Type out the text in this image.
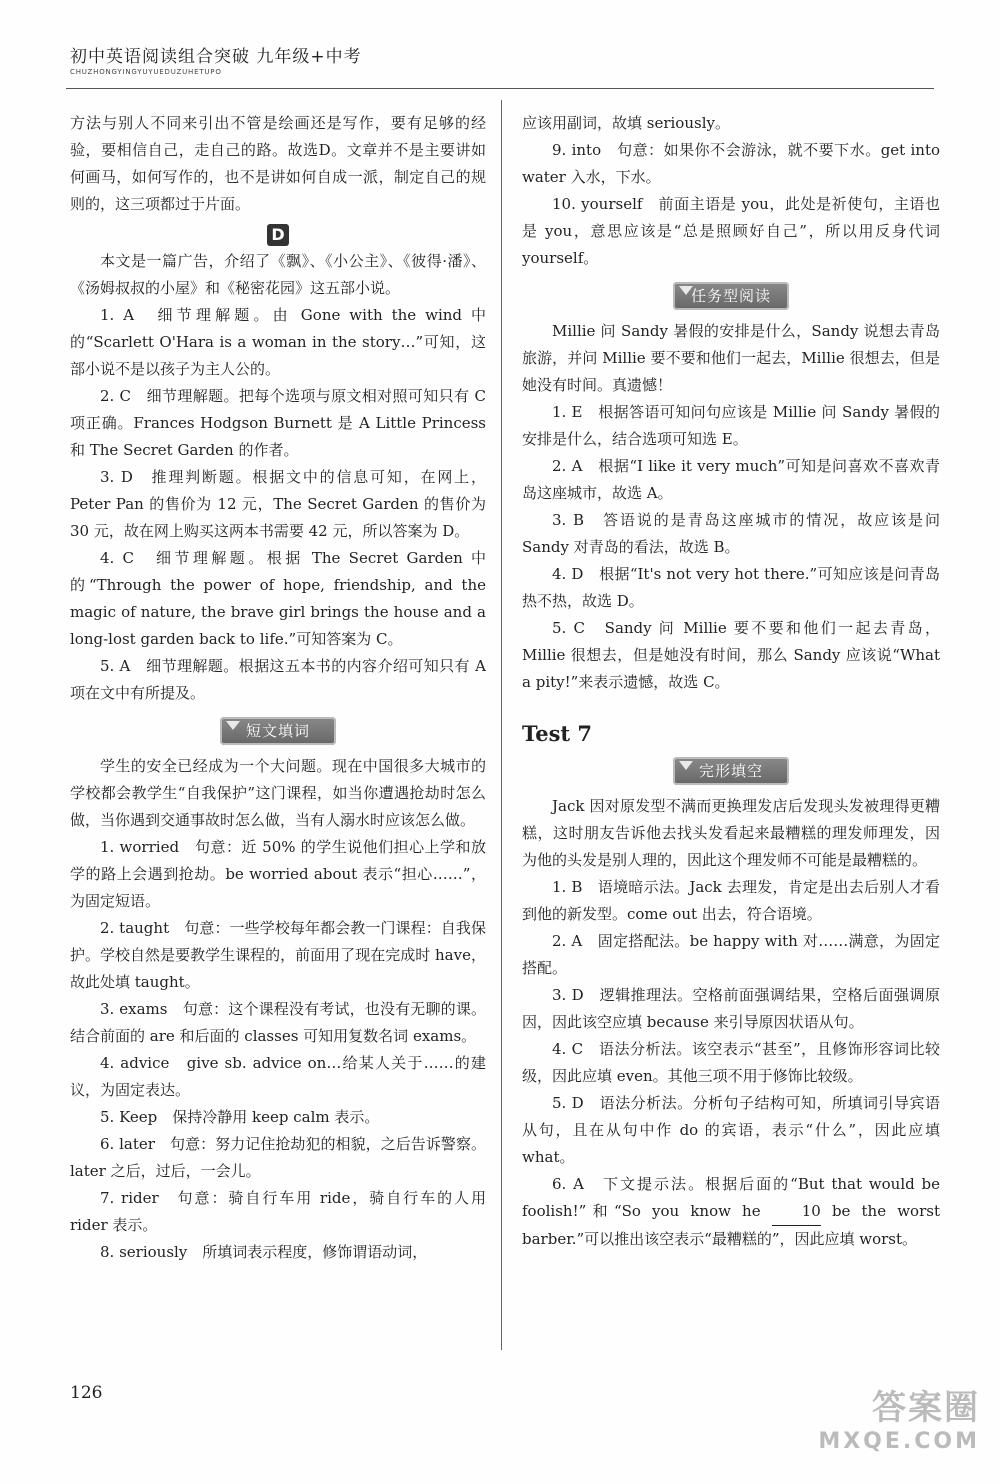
初中英语阅读组合突破 九年级+中考
CHUZHONGYINGYUYUEDUZUHETUPO

方法与别人不同来引出不管是绘画还是写作，要有足够的经验，要相信自己，走自己的路。故选D。文章并不是主要讲如何画马，如何写作的，也不是讲如何自成一派，制定自己的规则的，这三项都过于片面。

D

本文是一篇广告，介绍了《飘》、《小公主》、《彼得·潘》、《汤姆叔叔的小屋》和《秘密花园》这五部小说。

1. A　细节理解题。由 Gone with the wind 中的“Scarlett O'Hara is a woman in the story…”可知，这部小说不是以孩子为主人公的。

2. C　细节理解题。把每个选项与原文相对照可知只有 C 项正确。Frances Hodgson Burnett 是 A Little Princess 和 The Secret Garden 的作者。

3. D　推理判断题。根据文中的信息可知，在网上，Peter Pan 的售价为 12 元，The Secret Garden 的售价为 30 元，故在网上购买这两本书需要 42 元，所以答案为 D。

4. C　细节理解题。根据 The Secret Garden 中的“Through the power of hope, friendship, and the magic of nature, the brave girl brings the house and a long-lost garden back to life.”可知答案为 C。

5. A　细节理解题。根据这五本书的内容介绍可知只有 A 项在文中有所提及。

短文填词

学生的安全已经成为一个大问题。现在中国很多大城市的学校都会教学生“自我保护”这门课程，如当你遭遇抢劫时怎么做，当你遇到交通事故时怎么做，当有人溺水时应该怎么做。

1. worried　句意：近 50% 的学生说他们担心上学和放学的路上会遇到抢劫。be worried about 表示“担心……”，为固定短语。

2. taught　句意：一些学校每年都会教一门课程：自我保护。学校自然是要教学生课程的，前面用了现在完成时 have，故此处填 taught。

3. exams　句意：这个课程没有考试，也没有无聊的课。结合前面的 are 和后面的 classes 可知用复数名词 exams。

4. advice　give sb. advice on…给某人关于……的建议，为固定表达。

5. Keep　保持冷静用 keep calm 表示。

6. later　句意：努力记住抢劫犯的相貌，之后告诉警察。later 之后，过后，一会儿。

7. rider　句意：骑自行车用 ride，骑自行车的人用 rider 表示。

8. seriously　所填词表示程度，修饰谓语动词，

应该用副词，故填 seriously。

9. into　句意：如果你不会游泳，就不要下水。get into water 入水，下水。

10. yourself　前面主语是 you，此处是祈使句，主语也是 you，意思应该是“总是照顾好自己”，所以用反身代词 yourself。

任务型阅读

Millie 问 Sandy 暑假的安排是什么，Sandy 说想去青岛旅游，并问 Millie 要不要和他们一起去，Millie 很想去，但是她没有时间。真遗憾！

1. E　根据答语可知问句应该是 Millie 问 Sandy 暑假的安排是什么，结合选项可知选 E。

2. A　根据“I like it very much”可知是问喜欢不喜欢青岛这座城市，故选 A。

3. B　答语说的是青岛这座城市的情况，故应该是问 Sandy 对青岛的看法，故选 B。

4. D　根据“It's not very hot there.”可知应该是问青岛热不热，故选 D。

5. C　Sandy 问 Millie 要不要和他们一起去青岛，Millie 很想去，但是她没有时间，那么 Sandy 应该说“What a pity!”来表示遗憾，故选 C。

Test 7
完形填空

Jack 因对原发型不满而更换理发店后发现头发被理得更糟糕，这时朋友告诉他去找头发看起来最糟糕的理发师理发，因为他的头发是别人理的，因此这个理发师不可能是最糟糕的。

1. B　语境暗示法。Jack 去理发，肯定是出去后别人才看到他的新发型。come out 出去，符合语境。

2. A　固定搭配法。be happy with 对……满意，为固定搭配。

3. D　逻辑推理法。空格前面强调结果，空格后面强调原因，因此该空应填 because 来引导原因状语从句。

4. C　语法分析法。该空表示“甚至”，且修饰形容词比较级，因此应填 even。其他三项不用于修饰比较级。

5. D　语法分析法。分析句子结构可知，所填词引导宾语从句，且在从句中作 do 的宾语，表示“什么”，因此应填 what。

6. A　下文提示法。根据后面的“But that would be foolish!”和“So you know he	10 be the worst barber.”可以推出该空表示“最糟糕的”，因此应填 worst。

126	答案圈
MXQE.COM
